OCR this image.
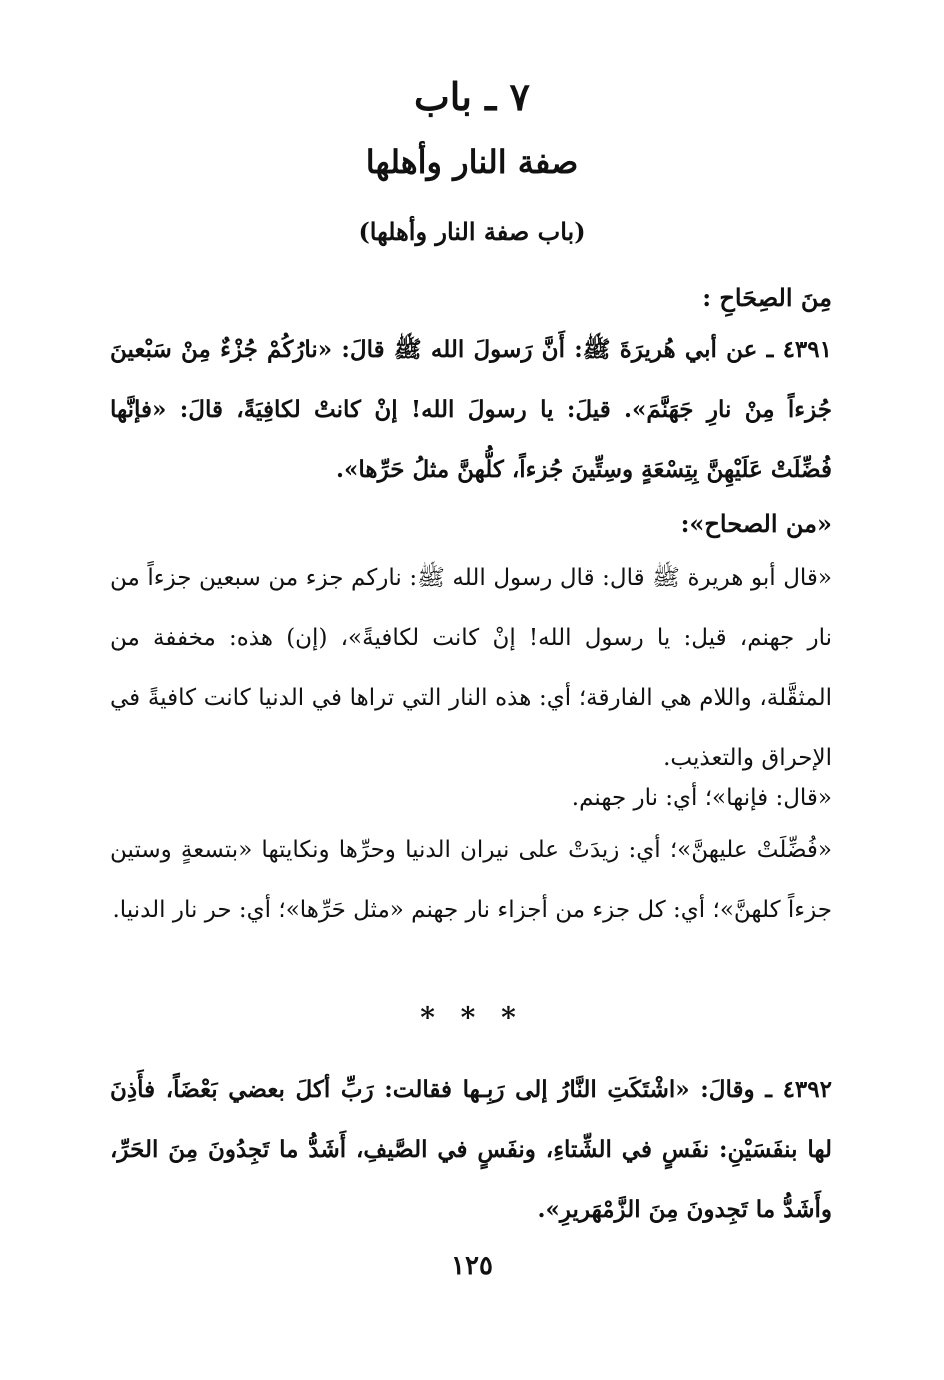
٧ ـ باب
صفة النار وأهلها
(باب صفة النار وأهلها)
مِنَ الصِحَاحِ :
٤٣٩١ ـ عن أبي هُريرَةَ ﷺ: أَنَّ رَسولَ الله ﷺ قالَ: «نارُكُمْ جُزْءٌ مِنْ سَبْعينَ جُزءاً مِنْ نارِ جَهَنَّمَ». قيلَ: يا رسولَ الله! إنْ كانتْ لكافِيَةً، قالَ: «فإنَّها فُضِّلَتْ عَلَيْهِنَّ بِتِسْعَةٍ وسِتِّينَ جُزءاً، كلُّهنَّ مثلُ حَرِّها».
«من الصحاح»:
«قال أبو هريرة ﷺ قال: قال رسول الله ﷺ: ناركم جزء من سبعين جزءاً من نار جهنم، قيل: يا رسول الله! إنْ كانت لكافيةً»، (إن) هذه: مخففة من المثقَّلة، واللام هي الفارقة؛ أي: هذه النار التي تراها في الدنيا كانت كافيةً في الإحراق والتعذيب.
«قال: فإنها»؛ أي: نار جهنم.
«فُضِّلَتْ عليهنَّ»؛ أي: زيدَتْ على نيران الدنيا وحرِّها ونكايتها «بتسعةٍ وستين جزءاً كلهنَّ»؛ أي: كل جزء من أجزاء نار جهنم «مثل حَرِّها»؛ أي: حر نار الدنيا.
* * *
٤٣٩٢ ـ وقالَ: «اشْتَكَتِ النَّارُ إلى رَبِـها فقالت: رَبِّ أكلَ بعضي بَعْضَاً، فأَذِنَ لها بنفَسَيْنِ: نفَسٍ في الشِّتاءِ، ونفَسٍ في الصَّيفِ، أَشَدُّ ما تَجِدُونَ مِنَ الحَرِّ، وأَشَدُّ ما تَجِدونَ مِنَ الزَّمْهَريرِ».
١٢٥
